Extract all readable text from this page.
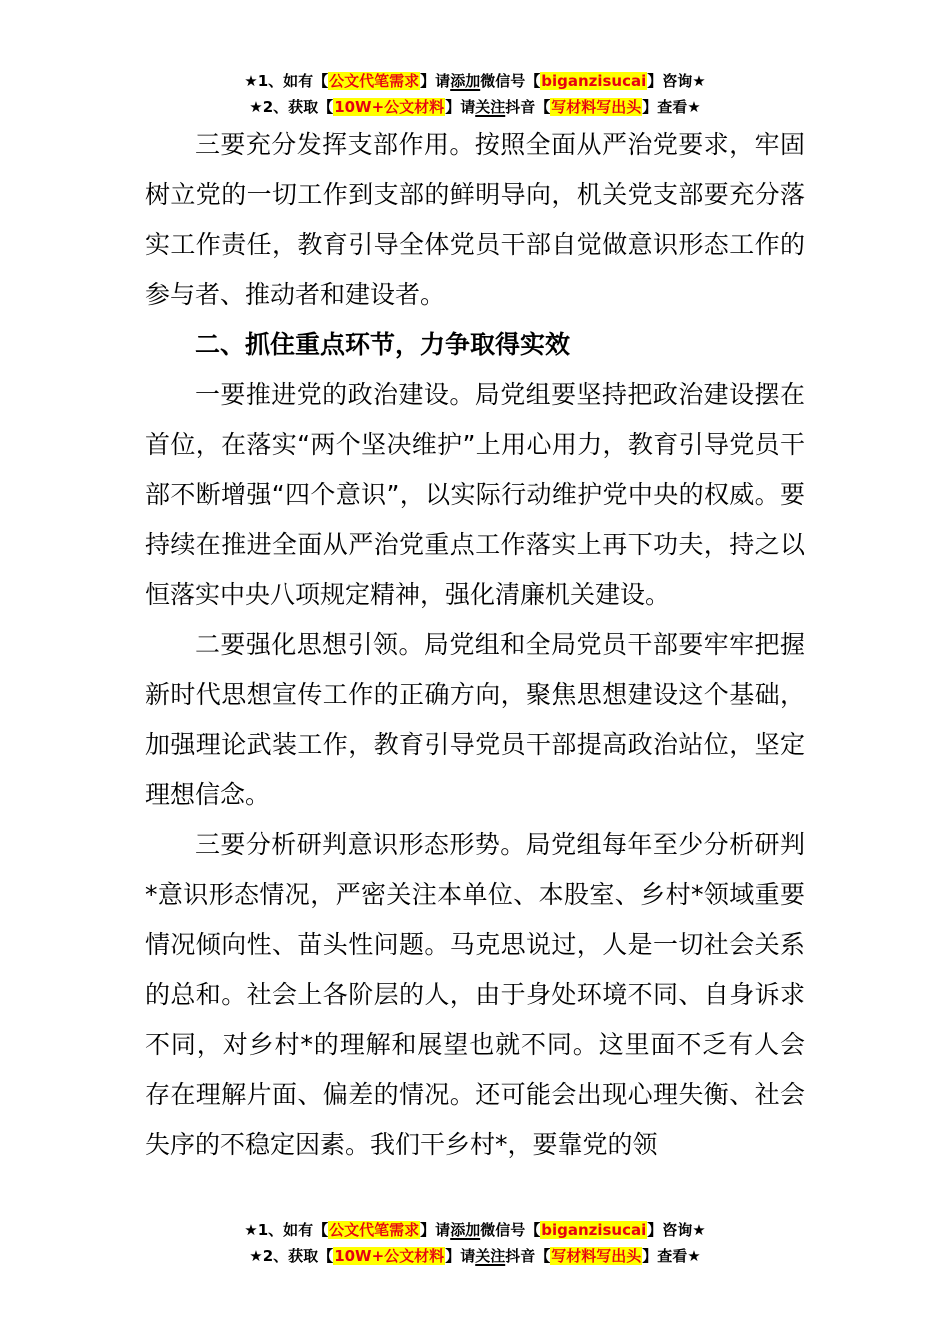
★1、如有【公文代笔需求】请添加微信号【biganzisucai】咨询★
★2、获取【10W+公文材料】请关注抖音【写材料写出头】查看★

三要充分发挥支部作用。按照全面从严治党要求，牢固树立党的一切工作到支部的鲜明导向，机关党支部要充分落实工作责任，教育引导全体党员干部自觉做意识形态工作的参与者、推动者和建设者。

二、抓住重点环节，力争取得实效

一要推进党的政治建设。局党组要坚持把政治建设摆在首位，在落实“两个坚决维护”上用心用力，教育引导党员干部不断增强“四个意识”，以实际行动维护党中央的权威。要持续在推进全面从严治党重点工作落实上再下功夫，持之以恒落实中央八项规定精神，强化清廉机关建设。

二要强化思想引领。局党组和全局党员干部要牢牢把握新时代思想宣传工作的正确方向，聚焦思想建设这个基础，加强理论武装工作，教育引导党员干部提高政治站位，坚定理想信念。

三要分析研判意识形态形势。局党组每年至少分析研判*意识形态情况，严密关注本单位、本股室、乡村*领域重要情况倾向性、苗头性问题。马克思说过，人是一切社会关系的总和。社会上各阶层的人，由于身处环境不同、自身诉求不同，对乡村*的理解和展望也就不同。这里面不乏有人会存在理解片面、偏差的情况。还可能会出现心理失衡、社会失序的不稳定因素。我们干乡村*，要靠党的领

★1、如有【公文代笔需求】请添加微信号【biganzisucai】咨询★
★2、获取【10W+公文材料】请关注抖音【写材料写出头】查看★
